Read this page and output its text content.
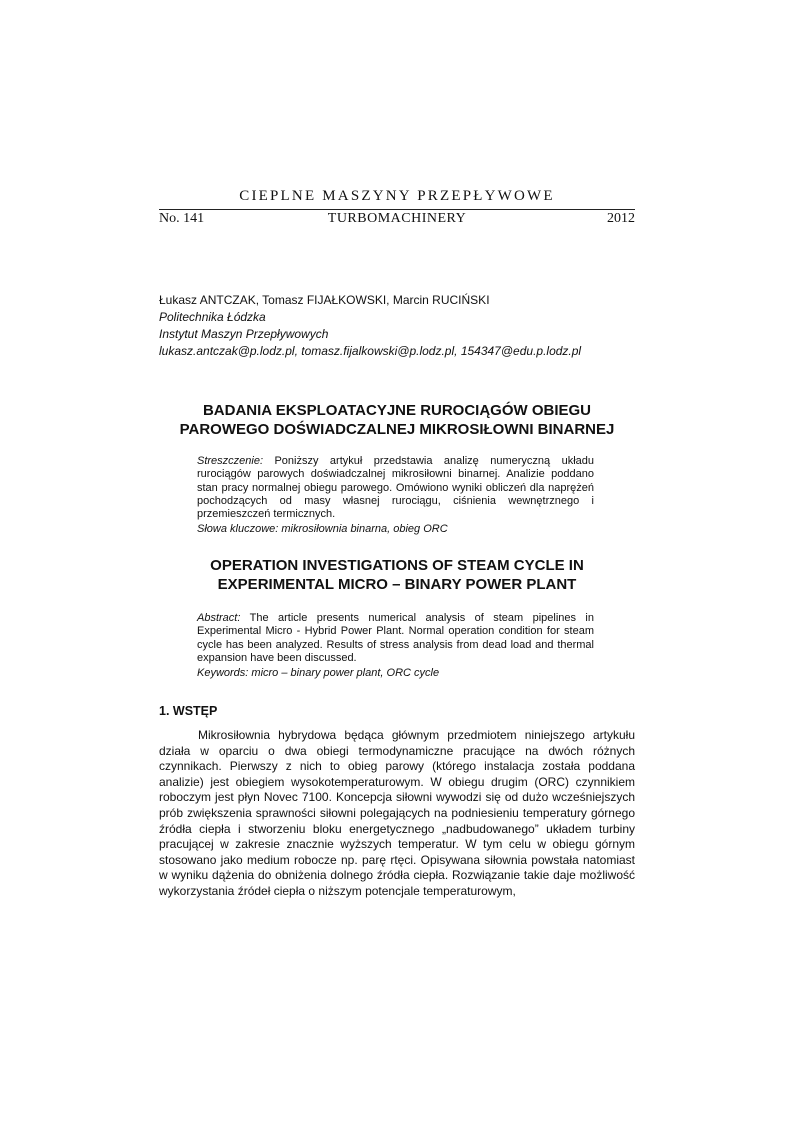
CIEPLNE MASZYNY PRZEPŁYWOWE
No. 141	TURBOMACHINERY	2012
Łukasz ANTCZAK, Tomasz FIJAŁKOWSKI, Marcin RUCIŃSKI
Politechnika Łódzka
Instytut Maszyn Przepływowych
lukasz.antczak@p.lodz.pl, tomasz.fijalkowski@p.lodz.pl, 154347@edu.p.lodz.pl
BADANIA EKSPLOATACYJNE RUROCIĄGÓW OBIEGU
PAROWEGO DOŚWIADCZALNEJ MIKROSIŁOWNI BINARNEJ
Streszczenie: Poniższy artykuł przedstawia analizę numeryczną układu rurociągów parowych doświadczalnej mikrosiłowni binarnej. Analizie poddano stan pracy normalnej obiegu parowego. Omówiono wyniki obliczeń dla naprężeń pochodzących od masy własnej rurociągu, ciśnienia wewnętrznego i przemieszczeń termicznych.
Słowa kluczowe: mikrosiłownia binarna, obieg ORC
OPERATION INVESTIGATIONS OF STEAM CYCLE IN
EXPERIMENTAL MICRO – BINARY POWER PLANT
Abstract: The article presents numerical analysis of steam pipelines in Experimental Micro - Hybrid Power Plant. Normal operation condition for steam cycle has been analyzed. Results of stress analysis from dead load and thermal expansion have been discussed.
Keywords: micro – binary power plant, ORC cycle
1. WSTĘP

Mikrosiłownia hybrydowa będąca głównym przedmiotem niniejszego artykułu działa w oparciu o dwa obiegi termodynamiczne pracujące na dwóch różnych czynnikach. Pierwszy z nich to obieg parowy (którego instalacja została poddana analizie) jest obiegiem wysokotemperaturowym. W obiegu drugim (ORC) czynnikiem roboczym jest płyn Novec 7100. Koncepcja siłowni wywodzi się od dużo wcześniejszych prób zwiększenia sprawności siłowni polegających na podniesieniu temperatury górnego źródła ciepła i stworzeniu bloku energetycznego „nadbudowanego” układem turbiny pracującej w zakresie znacznie wyższych temperatur. W tym celu w obiegu górnym stosowano jako medium robocze np. parę rtęci. Opisywana siłownia powstała natomiast w wyniku dążenia do obniżenia dolnego źródła ciepła. Rozwiązanie takie daje możliwość wykorzystania źródeł ciepła o niższym potencjale temperaturowym,
